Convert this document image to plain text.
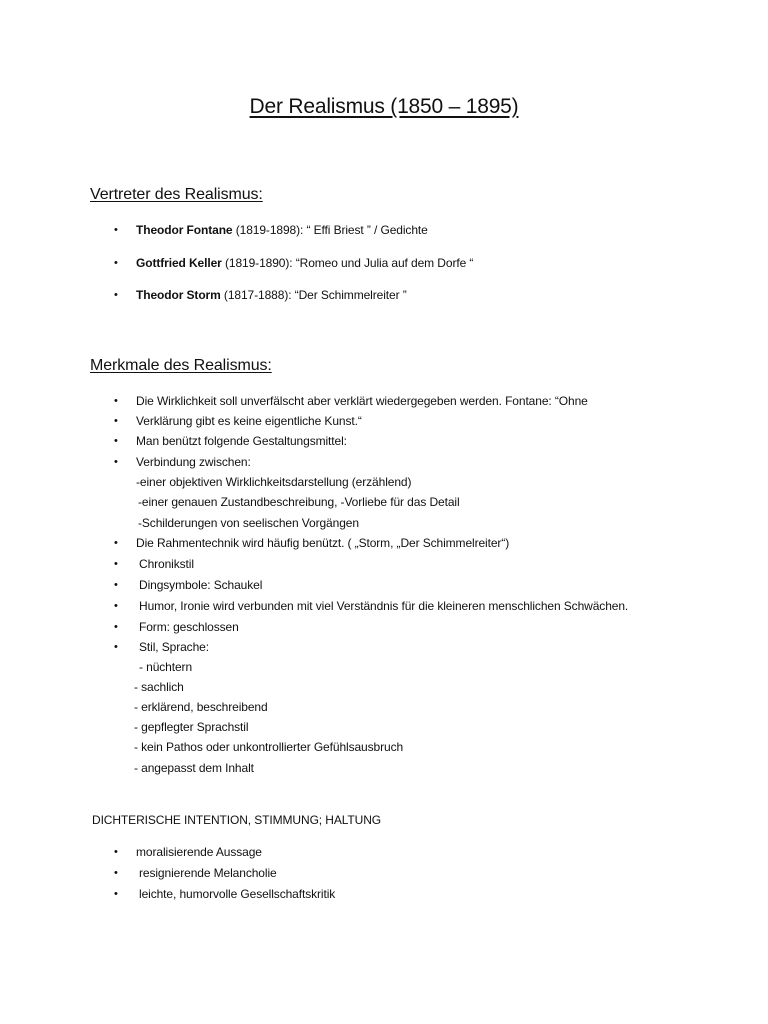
Der Realismus (1850 – 1895)
Vertreter des Realismus:
• Theodor Fontane (1819-1898): “ Effi Briest ” / Gedichte
• Gottfried Keller (1819-1890): “Romeo und Julia auf dem Dorfe “
• Theodor Storm (1817-1888): “Der Schimmelreiter ”
Merkmale des Realismus:
• Die Wirklichkeit soll unverfälscht aber verklärt wiedergegeben werden. Fontane: “Ohne
• Verklärung gibt es keine eigentliche Kunst.“
• Man benützt folgende Gestaltungsmittel:
• Verbindung zwischen:
-einer objektiven Wirklichkeitsdarstellung (erzählend)
-einer genauen Zustandbeschreibung, -Vorliebe für das Detail
-Schilderungen von seelischen Vorgängen
• Die Rahmentechnik wird häufig benützt. ( „Storm, „Der Schimmelreiter“)
• Chronikstil
• Dingsymbole: Schaukel
• Humor, Ironie wird verbunden mit viel Verständnis für die kleineren menschlichen Schwächen.
• Form: geschlossen
• Stil, Sprache:
- nüchtern
- sachlich
- erklärend, beschreibend
- gepflegter Sprachstil
- kein Pathos oder unkontrollierter Gefühlsausbruch
- angepasst dem Inhalt
DICHTERISCHE INTENTION, STIMMUNG; HALTUNG
• moralisierende Aussage
• resignierende Melancholie
• leichte, humorvolle Gesellschaftskritik
